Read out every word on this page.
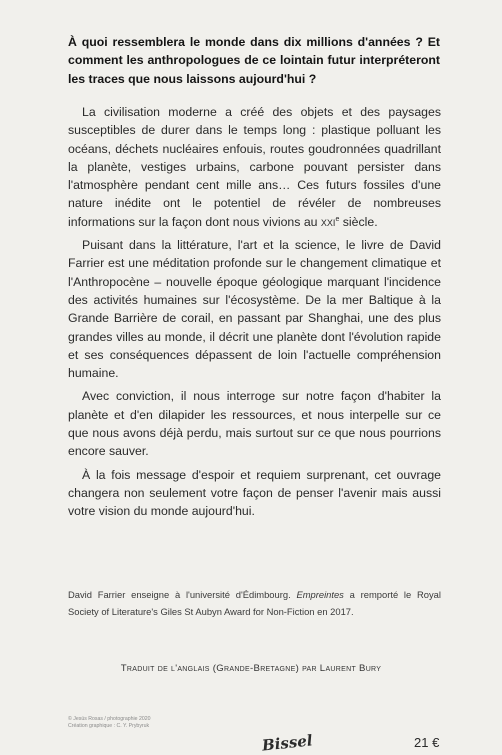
À quoi ressemblera le monde dans dix millions d'années ? Et comment les anthropologues de ce lointain futur interpréteront les traces que nous laissons aujourd'hui ?

La civilisation moderne a créé des objets et des paysages susceptibles de durer dans le temps long : plastique polluant les océans, déchets nucléaires enfouis, routes goudronnées quadrillant la planète, vestiges urbains, carbone pouvant persister dans l'atmosphère pendant cent mille ans… Ces futurs fossiles d'une nature inédite ont le potentiel de révéler de nombreuses informations sur la façon dont nous vivions au xxi$^e$ siècle.

Puisant dans la littérature, l'art et la science, le livre de David Farrier est une méditation profonde sur le changement climatique et l'Anthropocène – nouvelle époque géologique marquant l'incidence des activités humaines sur l'écosystème. De la mer Baltique à la Grande Barrière de corail, en passant par Shanghai, une des plus grandes villes au monde, il décrit une planète dont l'évolution rapide et ses conséquences dépassent de loin l'actuelle compréhension humaine.

Avec conviction, il nous interroge sur notre façon d'habiter la planète et d'en dilapider les ressources, et nous interpelle sur ce que nous avons déjà perdu, mais surtout sur ce que nous pourrions encore sauver.

À la fois message d'espoir et requiem surprenant, cet ouvrage changera non seulement votre façon de penser l'avenir mais aussi votre vision du monde aujourd'hui.

David Farrier enseigne à l'université d'Édimbourg. Empreintes a remporté le Royal Society of Literature's Giles St Aubyn Award for Non-Fiction en 2017.
Traduit de l'anglais (Grande-Bretagne) par Laurent Bury
© Jesús Rosas / photographie 2020
Création graphique : C. Y. Prybyruk
Bissel	21 €
